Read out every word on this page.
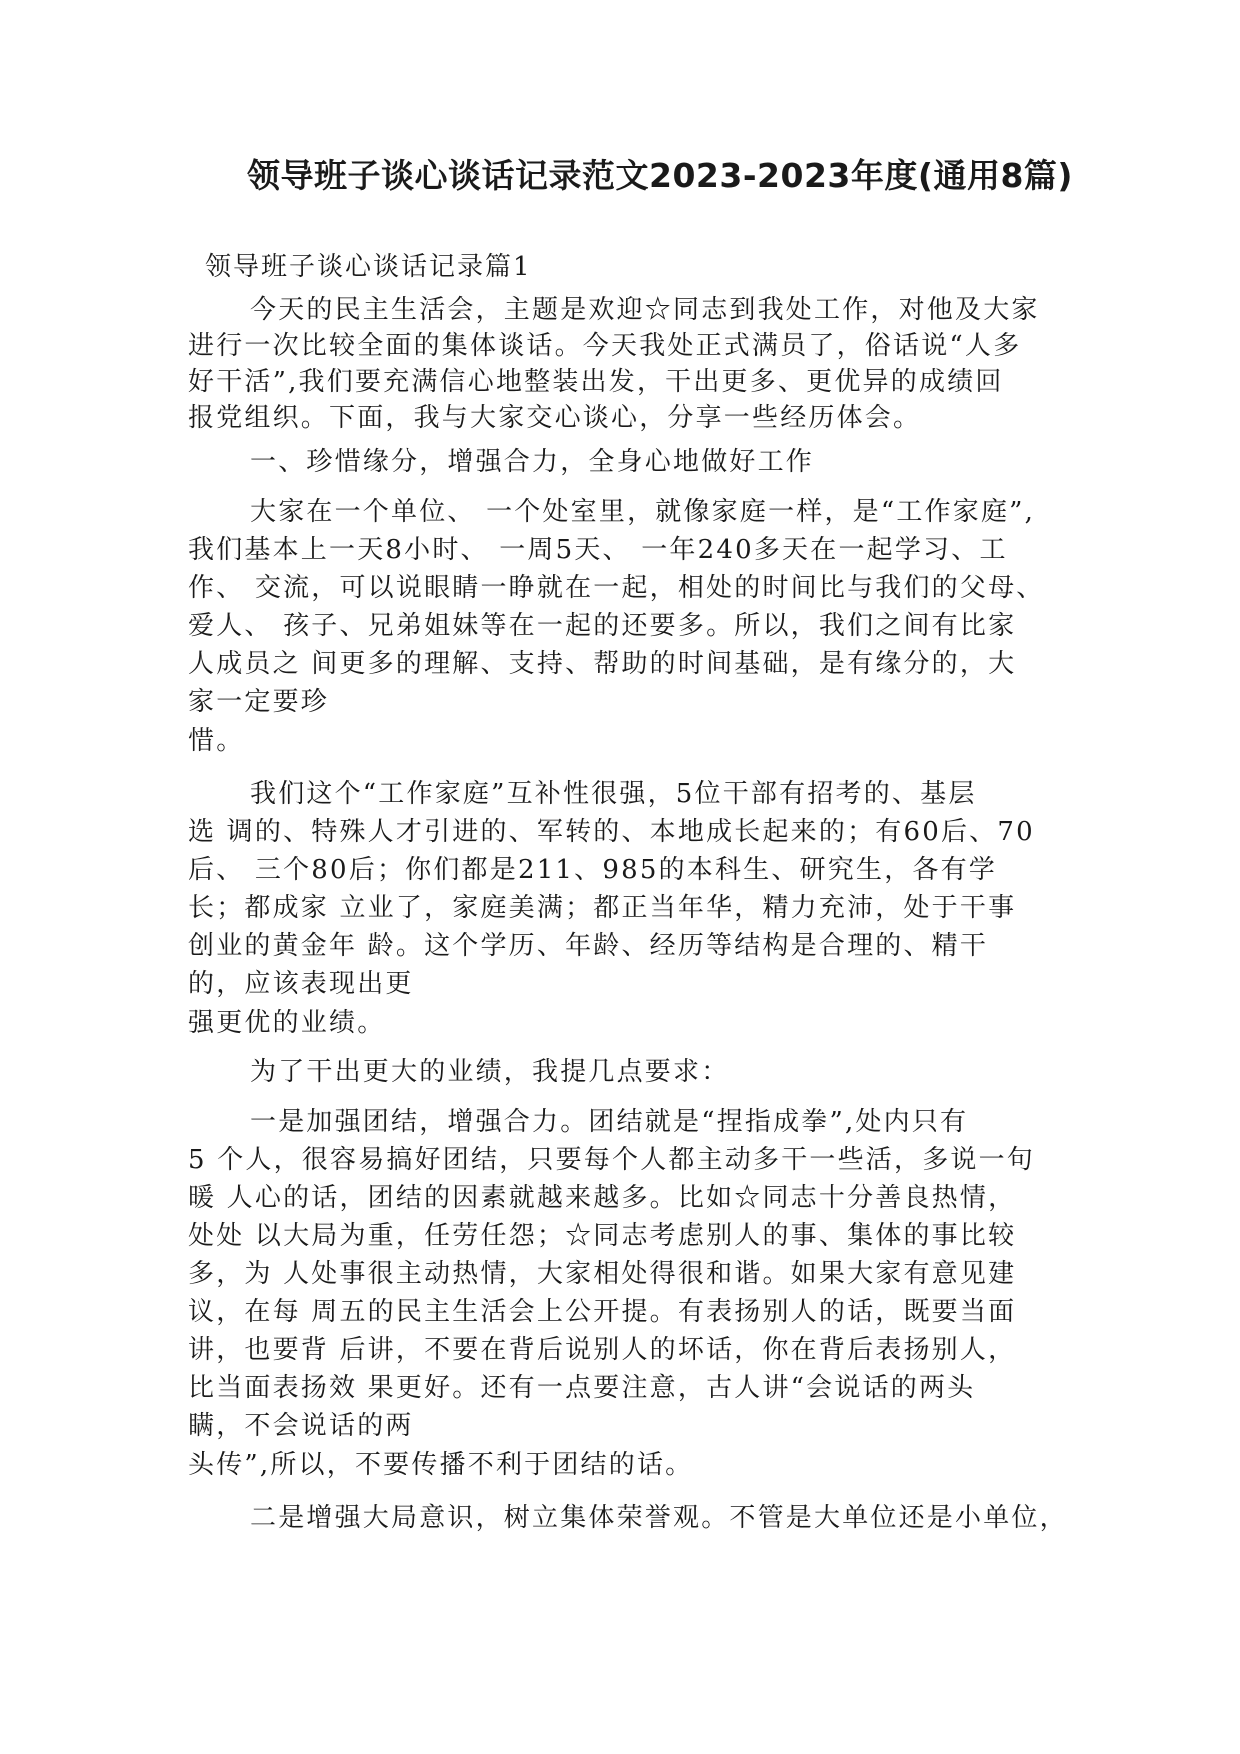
领导班子谈心谈话记录范文2023-2023年度(通用8篇)
领导班子谈心谈话记录篇1
今天的民主生活会，主题是欢迎☆同志到我处工作，对他及大家
进行一次比较全面的集体谈话。今天我处正式满员了，俗话说“人多
好干活”,我们要充满信心地整装出发，干出更多、更优异的成绩回
报党组织。下面，我与大家交心谈心，分享一些经历体会。
一、珍惜缘分，增强合力，全身心地做好工作
大家在一个单位、 一个处室里，就像家庭一样，是“工作家庭”,
我们基本上一天8小时、 一周5天、 一年240多天在一起学习、工
作、 交流，可以说眼睛一睁就在一起，相处的时间比与我们的父母、
爱人、 孩子、兄弟姐妹等在一起的还要多。所以，我们之间有比家
人成员之 间更多的理解、支持、帮助的时间基础，是有缘分的，大
家一定要珍
惜。
我们这个“工作家庭”互补性很强，5位干部有招考的、基层
选 调的、特殊人才引进的、军转的、本地成长起来的；有60后、70
后、 三个80后；你们都是211、985的本科生、研究生，各有学
长；都成家 立业了，家庭美满；都正当年华，精力充沛，处于干事
创业的黄金年 龄。这个学历、年龄、经历等结构是合理的、精干
的，应该表现出更
强更优的业绩。
为了干出更大的业绩，我提几点要求：
一是加强团结，增强合力。团结就是“捏指成拳”,处内只有
5 个人，很容易搞好团结，只要每个人都主动多干一些活，多说一句
暖 人心的话，团结的因素就越来越多。比如☆同志十分善良热情，
处处 以大局为重，任劳任怨；☆同志考虑别人的事、集体的事比较
多，为 人处事很主动热情，大家相处得很和谐。如果大家有意见建
议，在每 周五的民主生活会上公开提。有表扬别人的话，既要当面
讲，也要背 后讲，不要在背后说别人的坏话，你在背后表扬别人，
比当面表扬效 果更好。还有一点要注意，古人讲“会说话的两头
瞒，不会说话的两
头传”,所以，不要传播不利于团结的话。
二是增强大局意识，树立集体荣誉观。不管是大单位还是小单位，
